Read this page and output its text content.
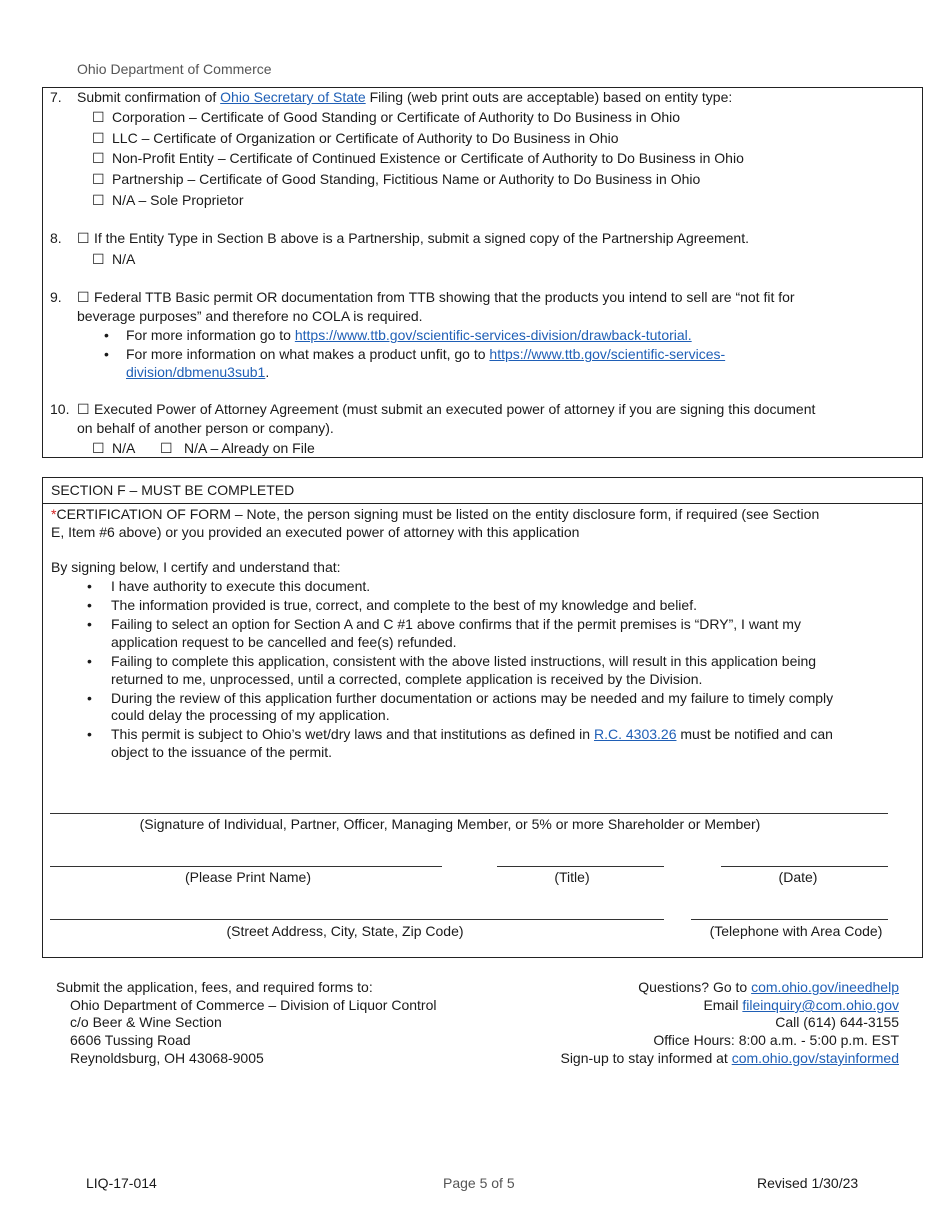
Ohio Department of Commerce
7. Submit confirmation of Ohio Secretary of State Filing (web print outs are acceptable) based on entity type:
☐ Corporation – Certificate of Good Standing or Certificate of Authority to Do Business in Ohio
☐ LLC – Certificate of Organization or Certificate of Authority to Do Business in Ohio
☐ Non-Profit Entity – Certificate of Continued Existence or Certificate of Authority to Do Business in Ohio
☐ Partnership – Certificate of Good Standing, Fictitious Name or Authority to Do Business in Ohio
☐ N/A – Sole Proprietor
8. ☐ If the Entity Type in Section B above is a Partnership, submit a signed copy of the Partnership Agreement.
☐ N/A
9. ☐ Federal TTB Basic permit OR documentation from TTB showing that the products you intend to sell are “not fit for
beverage purposes” and therefore no COLA is required.
• For more information go to https://www.ttb.gov/scientific-services-division/drawback-tutorial.
• For more information on what makes a product unfit, go to https://www.ttb.gov/scientific-services-
division/dbmenu3sub1.
10. ☐ Executed Power of Attorney Agreement (must submit an executed power of attorney if you are signing this document
on behalf of another person or company).
☐ N/A ☐ N/A – Already on File
SECTION F – MUST BE COMPLETED
*CERTIFICATION OF FORM – Note, the person signing must be listed on the entity disclosure form, if required (see Section
E, Item #6 above) or you provided an executed power of attorney with this application
By signing below, I certify and understand that:
• I have authority to execute this document.
• The information provided is true, correct, and complete to the best of my knowledge and belief.
• Failing to select an option for Section A and C #1 above confirms that if the permit premises is “DRY”, I want my
application request to be cancelled and fee(s) refunded.
• Failing to complete this application, consistent with the above listed instructions, will result in this application being
returned to me, unprocessed, until a corrected, complete application is received by the Division.
• During the review of this application further documentation or actions may be needed and my failure to timely comply
could delay the processing of my application.
• This permit is subject to Ohio’s wet/dry laws and that institutions as defined in R.C. 4303.26 must be notified and can
object to the issuance of the permit.
(Signature of Individual, Partner, Officer, Managing Member, or 5% or more Shareholder or Member)
(Please Print Name)	(Title)	(Date)
(Street Address, City, State, Zip Code)	(Telephone with Area Code)
Submit the application, fees, and required forms to:
Ohio Department of Commerce – Division of Liquor Control
c/o Beer & Wine Section
6606 Tussing Road
Reynoldsburg, OH 43068-9005
Questions? Go to com.ohio.gov/ineedhelp
Email fileinquiry@com.ohio.gov
Call (614) 644-3155
Office Hours: 8:00 a.m. - 5:00 p.m. EST
Sign-up to stay informed at com.ohio.gov/stayinformed
LIQ-17-014	Page 5 of 5	Revised 1/30/23
